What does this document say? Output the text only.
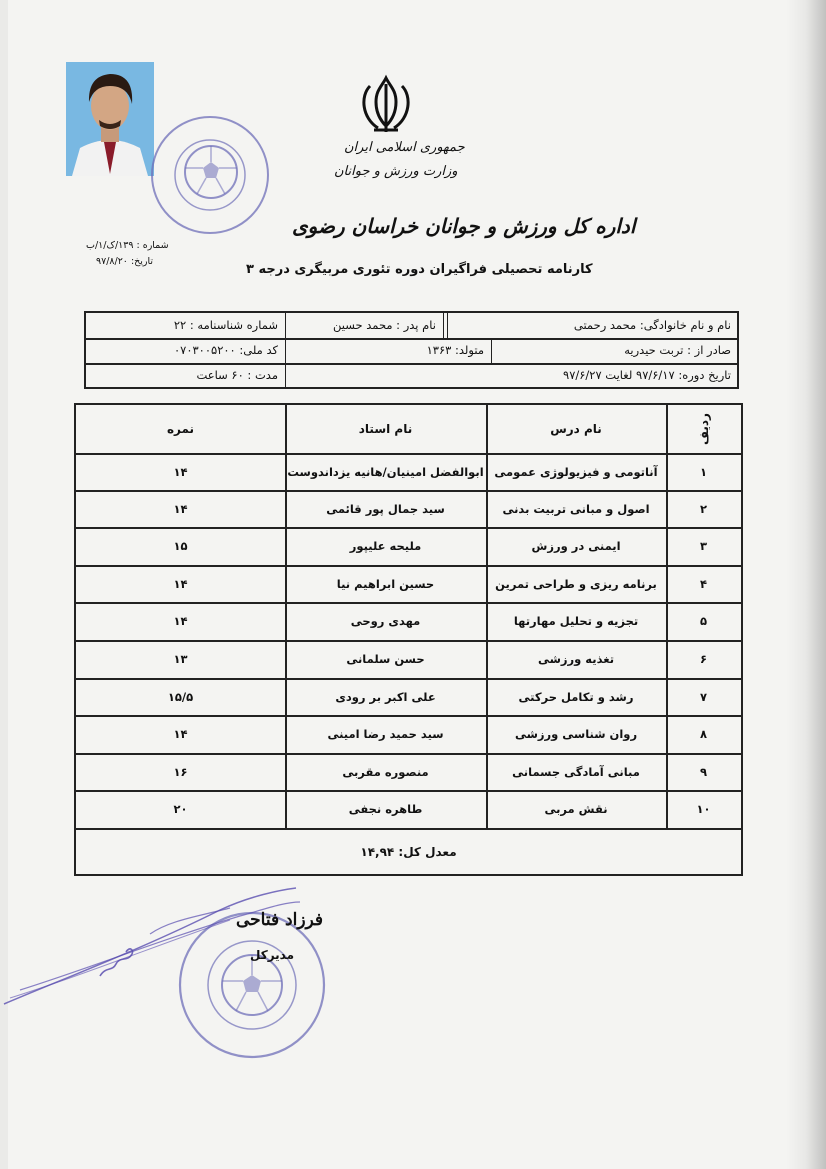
جمهوری اسلامی ایران
وزارت ورزش و جوانان
اداره کل ورزش و جوانان خراسان رضوی
کارنامه تحصیلی فراگیران دوره تئوری مربیگری درجه ۳
شماره : ۱۳۹/ک/۱/ب
تاریخ: ۹۷/۸/۲۰
نام و نام خانوادگی: محمد رحمتی
نام پدر : محمد حسین
شماره شناسنامه : ۲۲
صادر از : تربت حیدریه
متولد: ۱۳۶۳
کد ملی: ۰۷۰۳۰۰۵۲۰۰
تاریخ دوره: ۹۷/۶/۱۷ لغایت ۹۷/۶/۲۷
مدت : ۶۰ ساعت
ردیف
نام درس
نام استاد
نمره
۱
آناتومی و فیزیولوژی عمومی
ابوالفضل امینیان/هانیه یزداندوست
۱۴
۲
اصول و مبانی تربیت بدنی
سید جمال پور قائمی
۱۴
۳
ایمنی در ورزش
ملیحه علیپور
۱۵
۴
برنامه ریزی و طراحی تمرین
حسین ابراهیم نیا
۱۴
۵
تجزیه و تحلیل مهارتها
مهدی روحی
۱۴
۶
تغذیه ورزشی
حسن سلمانی
۱۳
۷
رشد و تکامل حرکتی
علی اکبر بر رودی
۱۵/۵
۸
روان شناسی ورزشی
سید حمید رضا امینی
۱۴
۹
مبانی آمادگی جسمانی
منصوره مقربی
۱۶
۱۰
نقش مربی
طاهره نجفی
۲۰
معدل کل: ۱۴,۹۴
فرزاد فتاحی
مدیرکل
